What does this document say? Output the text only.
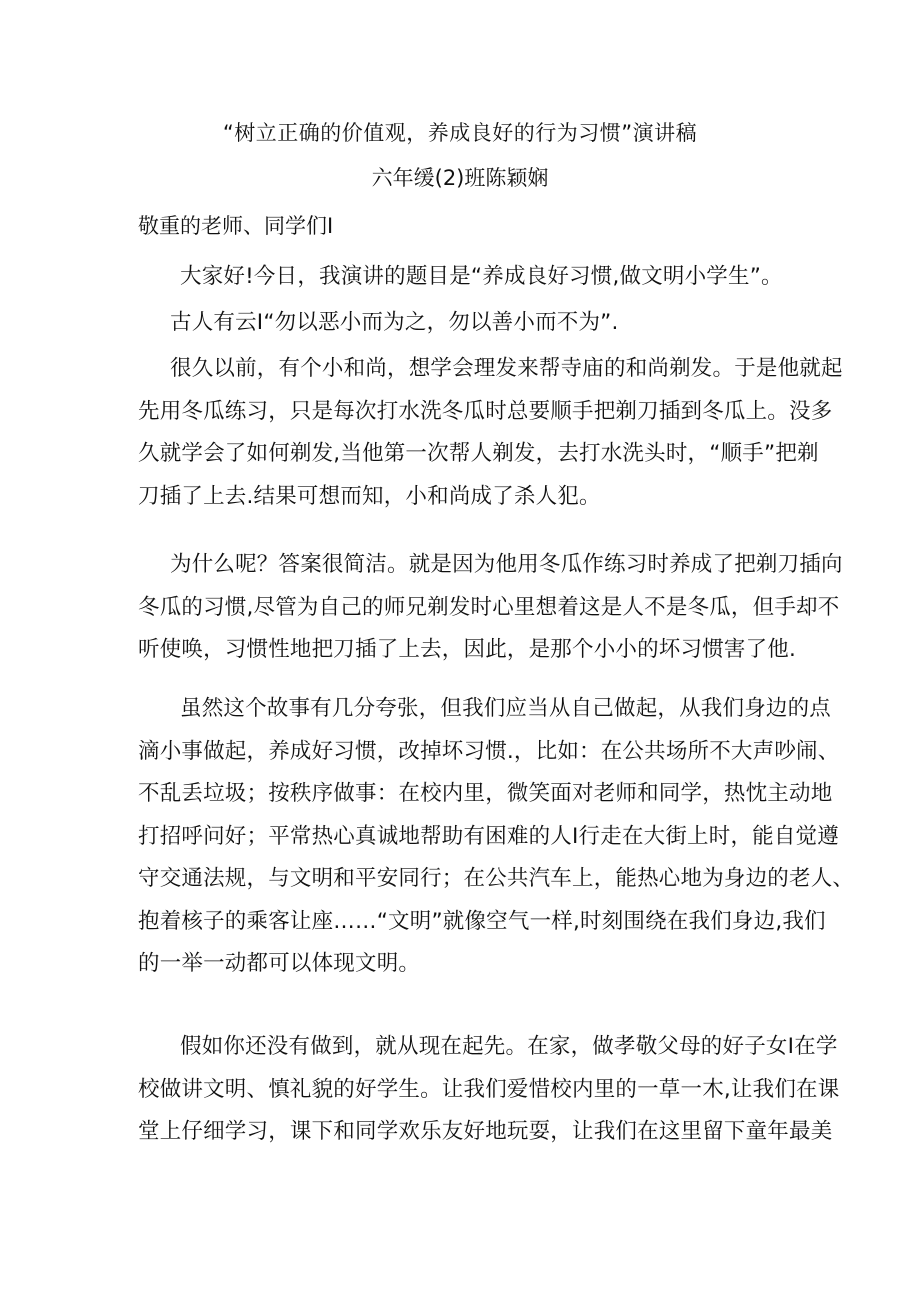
“树立正确的价值观，养成良好的行为习惯”演讲稿
六年缓(2)班陈颖娴
敬重的老师、同学们I
大家好!今日，我演讲的题目是“养成良好习惯,做文明小学生”。
古人有云I“勿以恶小而为之，勿以善小而不为”.
很久以前，有个小和尚，想学会理发来帮寺庙的和尚剃发。于是他就起
先用冬瓜练习，只是每次打水洗冬瓜时总要顺手把剃刀插到冬瓜上。没多
久就学会了如何剃发,当他第一次帮人剃发，去打水洗头时，“顺手”把剃
刀插了上去.结果可想而知，小和尚成了杀人犯。
为什么呢？答案很简洁。就是因为他用冬瓜作练习时养成了把剃刀插向
冬瓜的习惯,尽管为自己的师兄剃发时心里想着这是人不是冬瓜，但手却不
听使唤，习惯性地把刀插了上去，因此，是那个小小的坏习惯害了他.
虽然这个故事有几分夸张，但我们应当从自己做起，从我们身边的点
滴小事做起，养成好习惯，改掉坏习惯.，比如：在公共场所不大声吵闹、
不乱丢垃圾；按秩序做事：在校内里，微笑面对老师和同学，热忱主动地
打招呼问好；平常热心真诚地帮助有困难的人I行走在大街上时，能自觉遵
守交通法规，与文明和平安同行；在公共汽车上，能热心地为身边的老人、
抱着核子的乘客让座……“文明”就像空气一样,时刻围绕在我们身边,我们
的一举一动都可以体现文明。
假如你还没有做到，就从现在起先。在家，做孝敬父母的好子女I在学
校做讲文明、慎礼貌的好学生。让我们爱惜校内里的一草一木,让我们在课
堂上仔细学习，课下和同学欢乐友好地玩耍，让我们在这里留下童年最美
